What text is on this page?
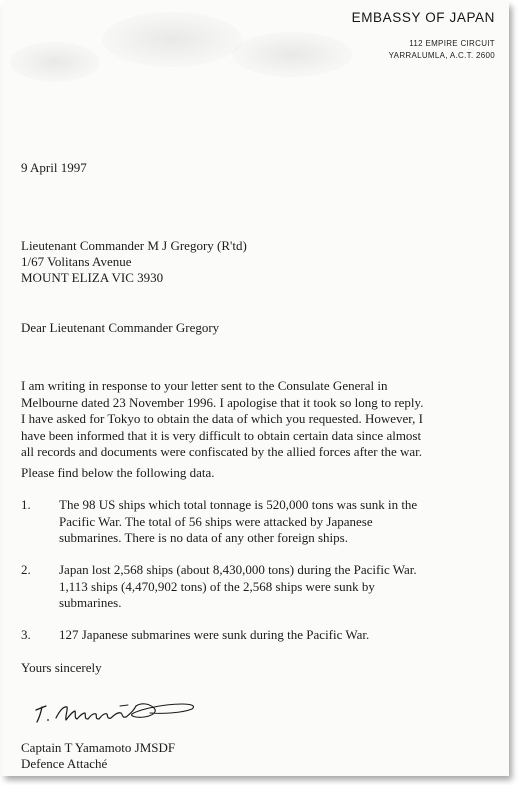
EMBASSY OF JAPAN
112 EMPIRE CIRCUIT
YARRALUMLA, A.C.T. 2600
9 April 1997
Lieutenant Commander M J Gregory (R'td)
1/67 Volitans Avenue
MOUNT ELIZA VIC 3930
Dear Lieutenant Commander Gregory
I am writing in response to your letter sent to the Consulate General in
Melbourne dated 23 November 1996. I apologise that it took so long to reply.
I have asked for Tokyo to obtain the data of which you requested. However, I
have been informed that it is very difficult to obtain certain data since almost
all records and documents were confiscated by the allied forces after the war.
Please find below the following data.
1. The 98 US ships which total tonnage is 520,000 tons was sunk in the
Pacific War. The total of 56 ships were attacked by Japanese
submarines. There is no data of any other foreign ships.
2. Japan lost 2,568 ships (about 8,430,000 tons) during the Pacific War.
1,113 ships (4,470,902 tons) of the 2,568 ships were sunk by
submarines.
3. 127 Japanese submarines were sunk during the Pacific War.
Yours sincerely
Captain T Yamamoto JMSDF
Defence Attaché
